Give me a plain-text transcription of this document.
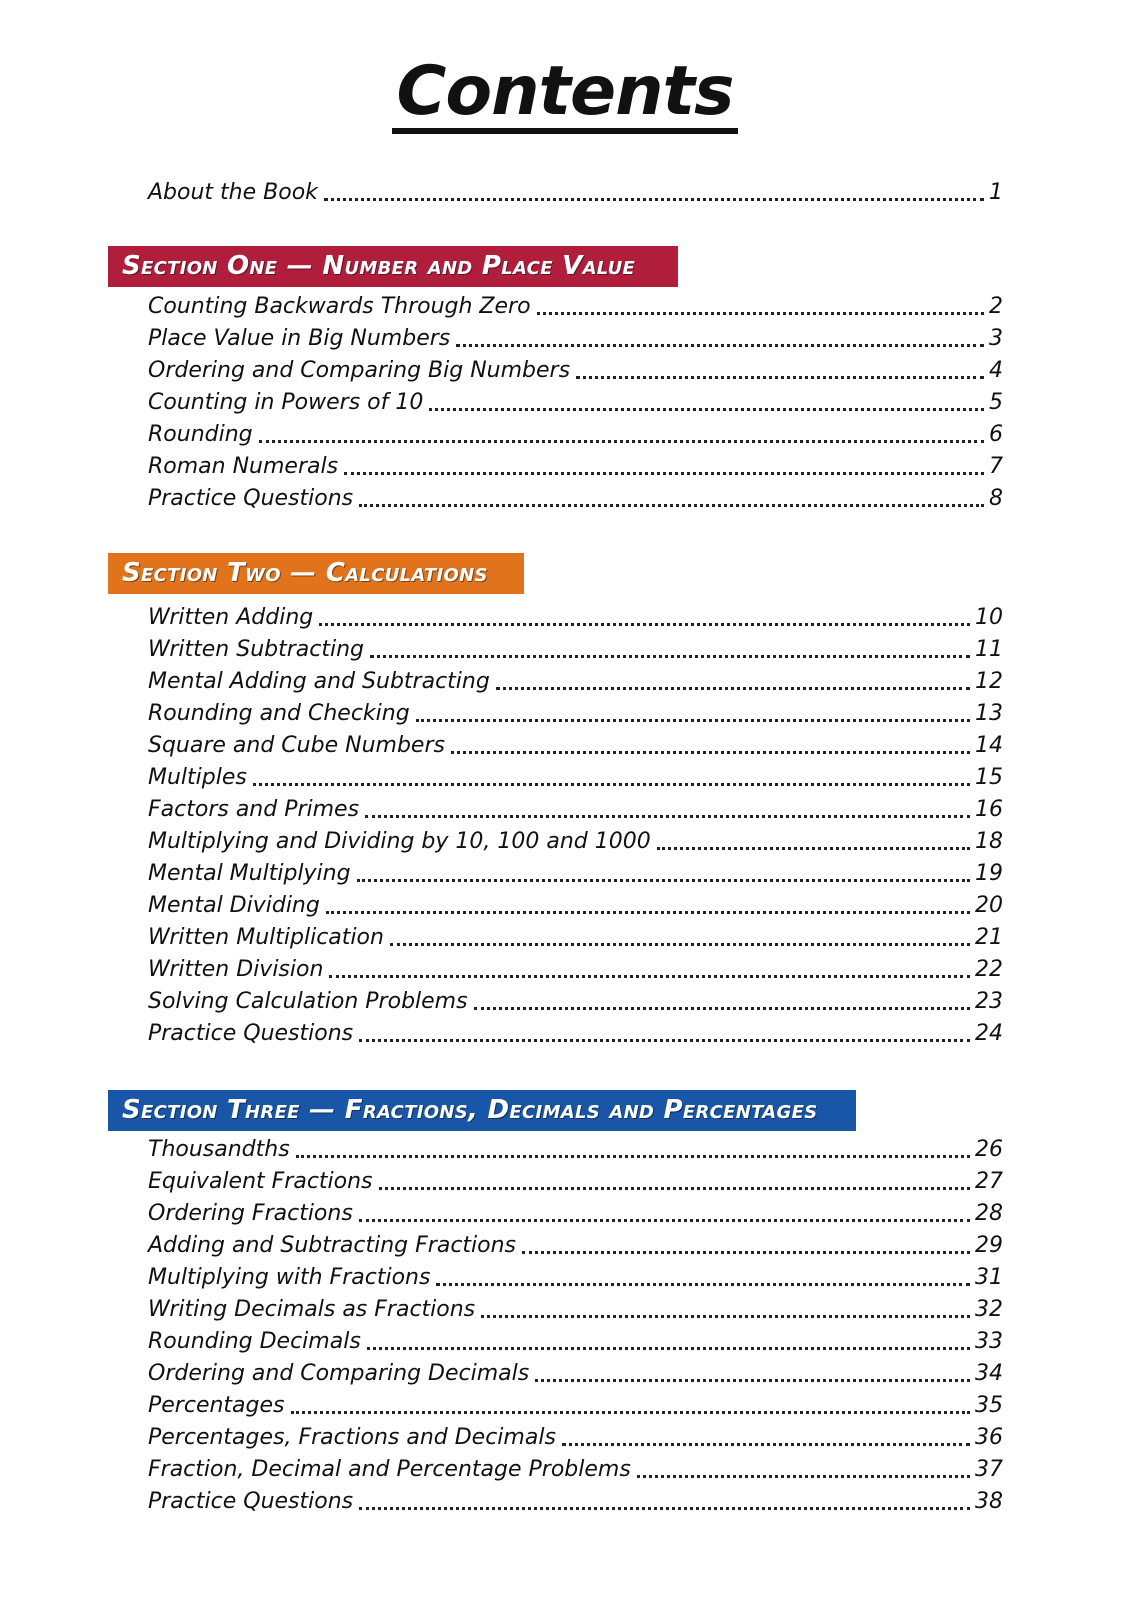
Contents
About the Book	1
Section One — Number and Place Value
Counting Backwards Through Zero	2
Place Value in Big Numbers	3
Ordering and Comparing Big Numbers	4
Counting in Powers of 10	5
Rounding	6
Roman Numerals	7
Practice Questions	8
Section Two — Calculations
Written Adding	10
Written Subtracting	11
Mental Adding and Subtracting	12
Rounding and Checking	13
Square and Cube Numbers	14
Multiples	15
Factors and Primes	16
Multiplying and Dividing by 10, 100 and 1000	18
Mental Multiplying	19
Mental Dividing	20
Written Multiplication	21
Written Division	22
Solving Calculation Problems	23
Practice Questions	24
Section Three — Fractions, Decimals and Percentages
Thousandths	26
Equivalent Fractions	27
Ordering Fractions	28
Adding and Subtracting Fractions	29
Multiplying with Fractions	31
Writing Decimals as Fractions	32
Rounding Decimals	33
Ordering and Comparing Decimals	34
Percentages	35
Percentages, Fractions and Decimals	36
Fraction, Decimal and Percentage Problems	37
Practice Questions	38
